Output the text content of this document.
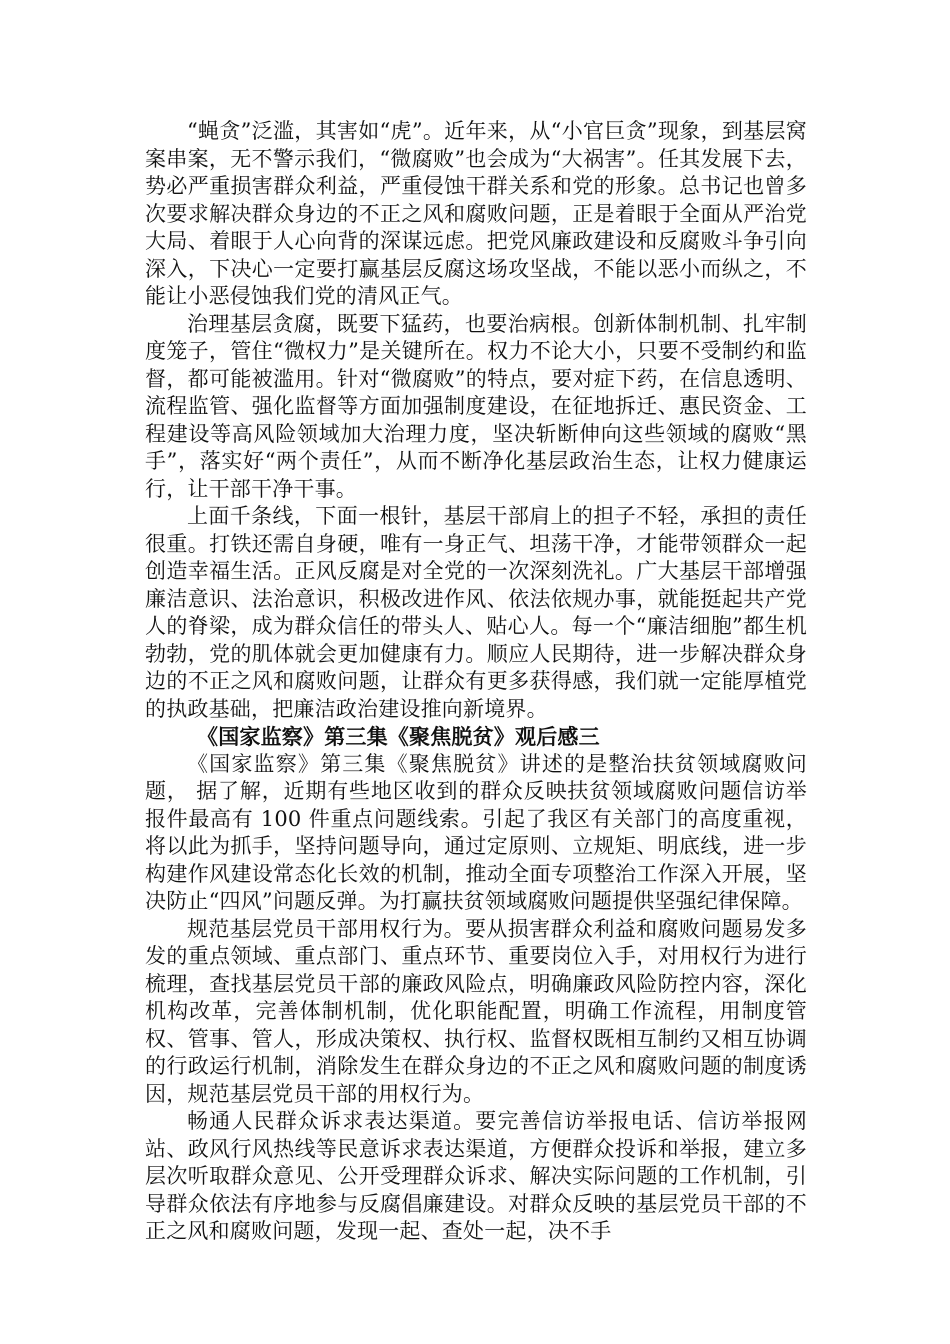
“蝇贪”泛滥，其害如“虎”。近年来，从“小官巨贪”现象，到基层窝案串案，无不警示我们，“微腐败”也会成为“大祸害”。任其发展下去，势必严重损害群众利益，严重侵蚀干群关系和党的形象。总书记也曾多次要求解决群众身边的不正之风和腐败问题，正是着眼于全面从严治党大局、着眼于人心向背的深谋远虑。把党风廉政建设和反腐败斗争引向深入，下决心一定要打赢基层反腐这场攻坚战，不能以恶小而纵之，不能让小恶侵蚀我们党的清风正气。

治理基层贪腐，既要下猛药，也要治病根。创新体制机制、扎牢制度笼子，管住“微权力”是关键所在。权力不论大小，只要不受制约和监督，都可能被滥用。针对“微腐败”的特点，要对症下药，在信息透明、流程监管、强化监督等方面加强制度建设，在征地拆迁、惠民资金、工程建设等高风险领域加大治理力度，坚决斩断伸向这些领域的腐败“黑手”，落实好“两个责任”，从而不断净化基层政治生态，让权力健康运行，让干部干净干事。

上面千条线，下面一根针，基层干部肩上的担子不轻，承担的责任很重。打铁还需自身硬，唯有一身正气、坦荡干净，才能带领群众一起创造幸福生活。正风反腐是对全党的一次深刻洗礼。广大基层干部增强廉洁意识、法治意识，积极改进作风、依法依规办事，就能挺起共产党人的脊梁，成为群众信任的带头人、贴心人。每一个“廉洁细胞”都生机勃勃，党的肌体就会更加健康有力。顺应人民期待，进一步解决群众身边的不正之风和腐败问题，让群众有更多获得感，我们就一定能厚植党的执政基础，把廉洁政治建设推向新境界。

《国家监察》第三集《聚焦脱贫》观后感三

《国家监察》第三集《聚焦脱贫》讲述的是整治扶贫领域腐败问题， 据了解，近期有些地区收到的群众反映扶贫领域腐败问题信访举报件最高有 100 件重点问题线索。引起了我区有关部门的高度重视，将以此为抓手，坚持问题导向，通过定原则、立规矩、明底线，进一步构建作风建设常态化长效的机制，推动全面专项整治工作深入开展，坚决防止“四风”问题反弹。为打赢扶贫领域腐败问题提供坚强纪律保障。

规范基层党员干部用权行为。要从损害群众利益和腐败问题易发多发的重点领域、重点部门、重点环节、重要岗位入手，对用权行为进行梳理，查找基层党员干部的廉政风险点，明确廉政风险防控内容，深化机构改革，完善体制机制，优化职能配置，明确工作流程，用制度管权、管事、管人，形成决策权、执行权、监督权既相互制约又相互协调的行政运行机制，消除发生在群众身边的不正之风和腐败问题的制度诱因，规范基层党员干部的用权行为。

畅通人民群众诉求表达渠道。要完善信访举报电话、信访举报网站、政风行风热线等民意诉求表达渠道，方便群众投诉和举报，建立多层次听取群众意见、公开受理群众诉求、解决实际问题的工作机制，引导群众依法有序地参与反腐倡廉建设。对群众反映的基层党员干部的不正之风和腐败问题，发现一起、查处一起，决不手
